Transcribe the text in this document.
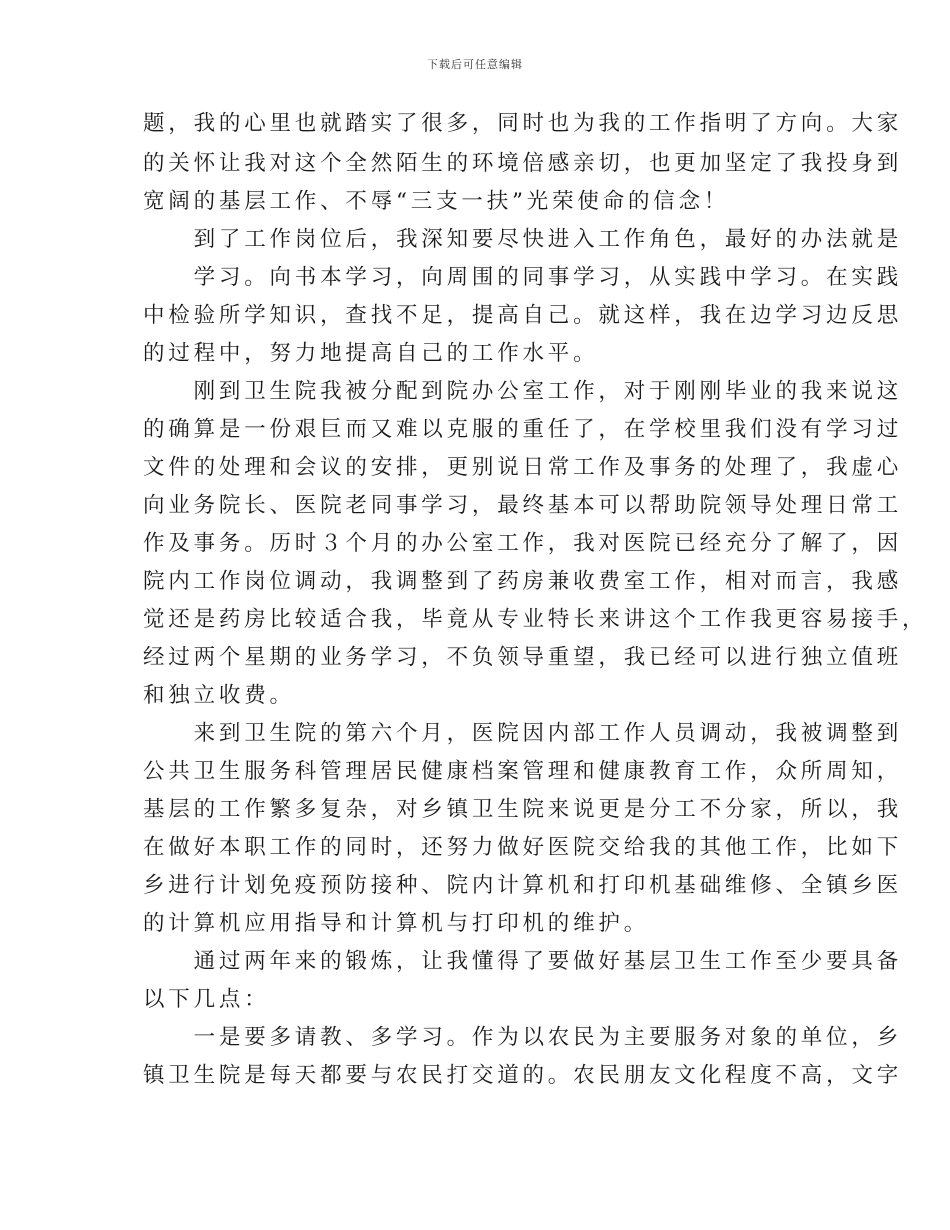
下载后可任意编辑
题，我的心里也就踏实了很多，同时也为我的工作指明了方向。大家
的关怀让我对这个全然陌生的环境倍感亲切，也更加坚定了我投身到
宽阔的基层工作、不辱“三支一扶”光荣使命的信念！
　　到了工作岗位后，我深知要尽快进入工作角色，最好的办法就是
　　学习。向书本学习，向周围的同事学习，从实践中学习。在实践
中检验所学知识，查找不足，提高自己。就这样，我在边学习边反思
的过程中，努力地提高自己的工作水平。
　　刚到卫生院我被分配到院办公室工作，对于刚刚毕业的我来说这
的确算是一份艰巨而又难以克服的重任了，在学校里我们没有学习过
文件的处理和会议的安排，更别说日常工作及事务的处理了，我虚心
向业务院长、医院老同事学习，最终基本可以帮助院领导处理日常工
作及事务。历时３个月的办公室工作，我对医院已经充分了解了，因
院内工作岗位调动，我调整到了药房兼收费室工作，相对而言，我感
觉还是药房比较适合我，毕竟从专业特长来讲这个工作我更容易接手，
经过两个星期的业务学习，不负领导重望，我已经可以进行独立值班
和独立收费。
　　来到卫生院的第六个月，医院因内部工作人员调动，我被调整到
公共卫生服务科管理居民健康档案管理和健康教育工作，众所周知，
基层的工作繁多复杂，对乡镇卫生院来说更是分工不分家，所以，我
在做好本职工作的同时，还努力做好医院交给我的其他工作，比如下
乡进行计划免疫预防接种、院内计算机和打印机基础维修、全镇乡医
的计算机应用指导和计算机与打印机的维护。
　　通过两年来的锻炼，让我懂得了要做好基层卫生工作至少要具备
以下几点：
　　一是要多请教、多学习。作为以农民为主要服务对象的单位，乡
镇卫生院是每天都要与农民打交道的。农民朋友文化程度不高，文字
